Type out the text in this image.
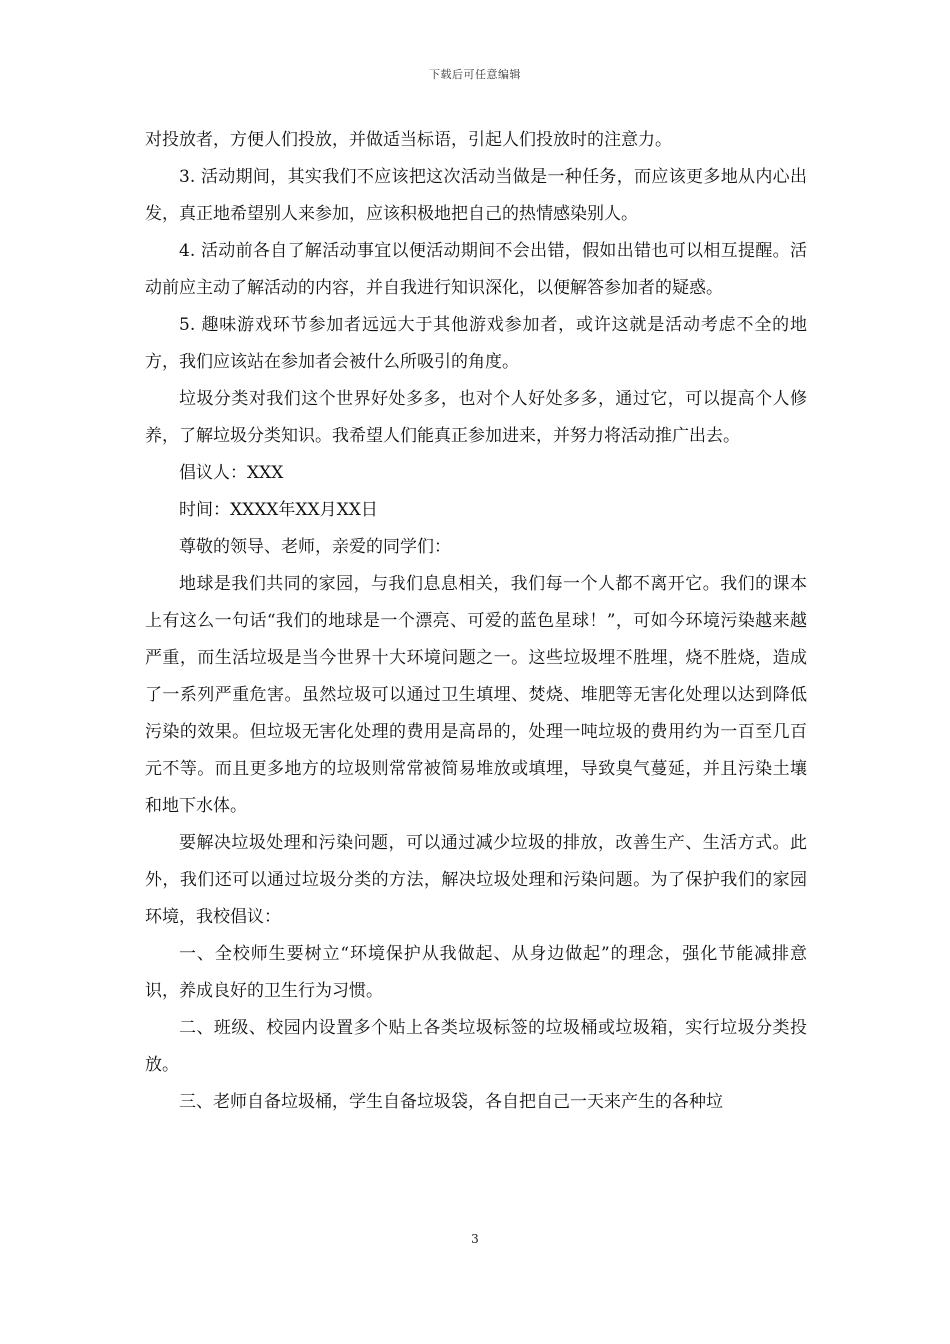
下载后可任意编辑

对投放者，方便人们投放，并做适当标语，引起人们投放时的注意力。

3. 活动期间，其实我们不应该把这次活动当做是一种任务，而应该更多地从内心出发，真正地希望别人来参加，应该积极地把自己的热情感染别人。

4. 活动前各自了解活动事宜以便活动期间不会出错，假如出错也可以相互提醒。活动前应主动了解活动的内容，并自我进行知识深化，以便解答参加者的疑惑。

5. 趣味游戏环节参加者远远大于其他游戏参加者，或许这就是活动考虑不全的地方，我们应该站在参加者会被什么所吸引的角度。

垃圾分类对我们这个世界好处多多，也对个人好处多多，通过它，可以提高个人修养，了解垃圾分类知识。我希望人们能真正参加进来，并努力将活动推广出去。

倡议人：XXX

时间：XXXX年XX月XX日

尊敬的领导、老师，亲爱的同学们：

地球是我们共同的家园，与我们息息相关，我们每一个人都不离开它。我们的课本上有这么一句话“我们的地球是一个漂亮、可爱的蓝色星球！”，可如今环境污染越来越严重，而生活垃圾是当今世界十大环境问题之一。这些垃圾埋不胜埋，烧不胜烧，造成了一系列严重危害。虽然垃圾可以通过卫生填埋、焚烧、堆肥等无害化处理以达到降低污染的效果。但垃圾无害化处理的费用是高昂的，处理一吨垃圾的费用约为一百至几百元不等。而且更多地方的垃圾则常常被简易堆放或填埋，导致臭气蔓延，并且污染土壤和地下水体。

要解决垃圾处理和污染问题，可以通过减少垃圾的排放，改善生产、生活方式。此外，我们还可以通过垃圾分类的方法，解决垃圾处理和污染问题。为了保护我们的家园环境，我校倡议：

一、全校师生要树立“环境保护从我做起、从身边做起”的理念，强化节能减排意识，养成良好的卫生行为习惯。

二、班级、校园内设置多个贴上各类垃圾标签的垃圾桶或垃圾箱，实行垃圾分类投放。

三、老师自备垃圾桶，学生自备垃圾袋，各自把自己一天来产生的各种垃

3
